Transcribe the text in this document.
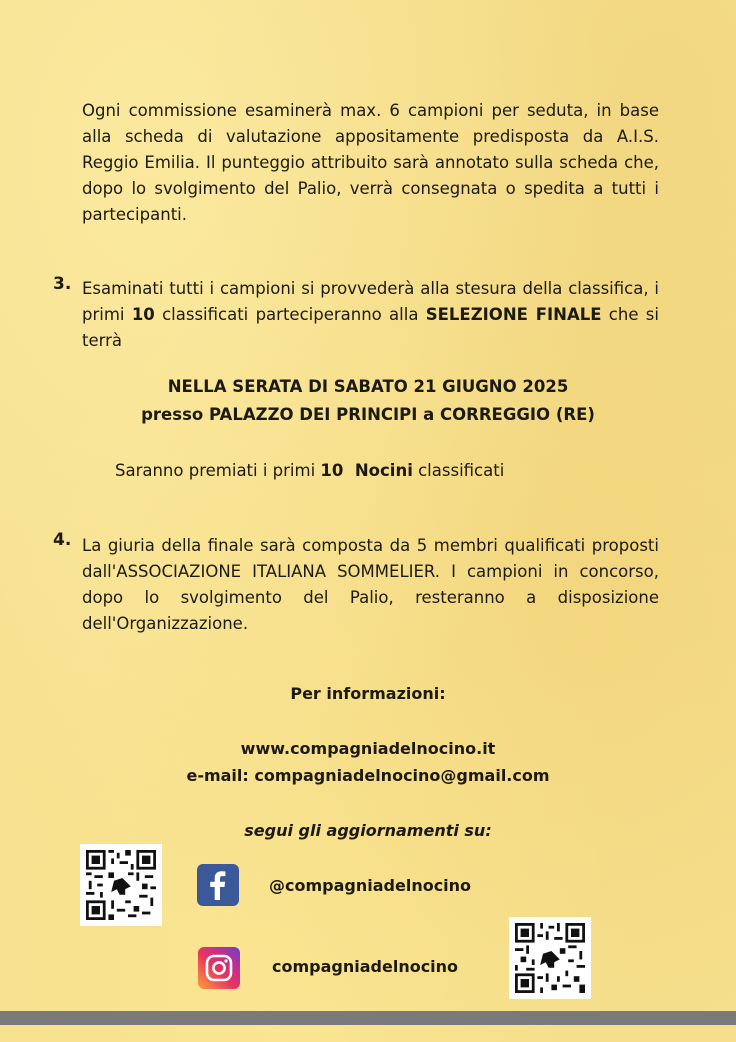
Ogni commissione esaminerà max. 6 campioni per seduta, in base alla scheda di valutazione appositamente predisposta da A.I.S. Reggio Emilia. Il punteggio attribuito sarà annotato sulla scheda che, dopo lo svolgimento del Palio, verrà consegnata o spedita a tutti i partecipanti.

3. Esaminati tutti i campioni si provvederà alla stesura della classifica, i primi 10 classificati parteciperanno alla SELEZIONE FINALE che si terrà

NELLA SERATA DI SABATO 21 GIUGNO 2025

presso PALAZZO DEI PRINCIPI a CORREGGIO (RE)

Saranno premiati i primi 10  Nocini classificati

4. La giuria della finale sarà composta da 5 membri qualificati proposti dall'ASSOCIAZIONE ITALIANA SOMMELIER. I campioni in concorso, dopo lo svolgimento del Palio, resteranno a disposizione dell'Organizzazione.

Per informazioni:

www.compagniadelnocino.it

e-mail: compagniadelnocino@gmail.com

segui gli aggiornamenti su:

@compagniadelnocino
compagniadelnocino
